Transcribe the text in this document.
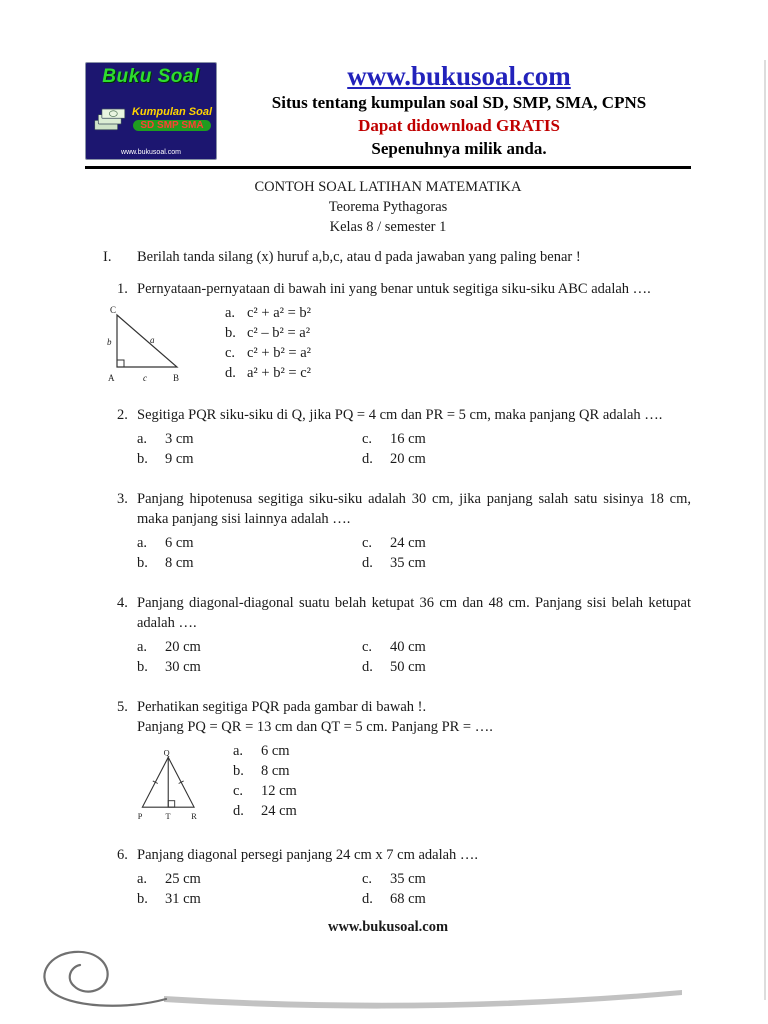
Buku Soal
Kumpulan Soal
SD SMP SMA
www.bukusoal.com
www.bukusoal.com
Situs tentang kumpulan soal SD, SMP, SMA, CPNS
Dapat didownload GRATIS
Sepenuhnya milik anda.
CONTOH SOAL LATIHAN MATEMATIKA
Teorema Pythagoras
Kelas 8 / semester 1
I.	Berilah tanda silang (x) huruf a,b,c, atau d pada jawaban yang paling benar !
1. Pernyataan-pernyataan di bawah ini yang benar untuk segitiga siku-siku ABC adalah ….
C
A	B
b	a
c
a. c² + a² = b²
b. c² – b² = a²
c. c² + b² = a²
d. a² + b² = c²
2. Segitiga PQR siku-siku di Q, jika PQ = 4 cm dan PR = 5 cm, maka panjang QR adalah ….
a.	3 cm	c.	16 cm
b.	9 cm	d.	20 cm
3. Panjang hipotenusa segitiga siku-siku adalah 30 cm, jika panjang salah satu sisinya 18 cm, maka panjang sisi lainnya adalah ….
a.	6 cm	c.	24 cm
b.	8 cm	d.	35 cm
4. Panjang diagonal-diagonal suatu belah ketupat 36 cm dan 48 cm. Panjang sisi belah ketupat adalah ….
a.	20 cm	c.	40 cm
b.	30 cm	d.	50 cm
5. Perhatikan segitiga PQR pada gambar di bawah !.
Panjang PQ = QR = 13 cm dan QT = 5 cm. Panjang PR = ….
Q
P	T R
a.	6 cm
b.	8 cm
c.	12 cm
d.	24 cm
6. Panjang diagonal persegi panjang 24 cm x 7 cm adalah ….
a.	25 cm	c.	35 cm
b.	31 cm	d.	68 cm
www.bukusoal.com
